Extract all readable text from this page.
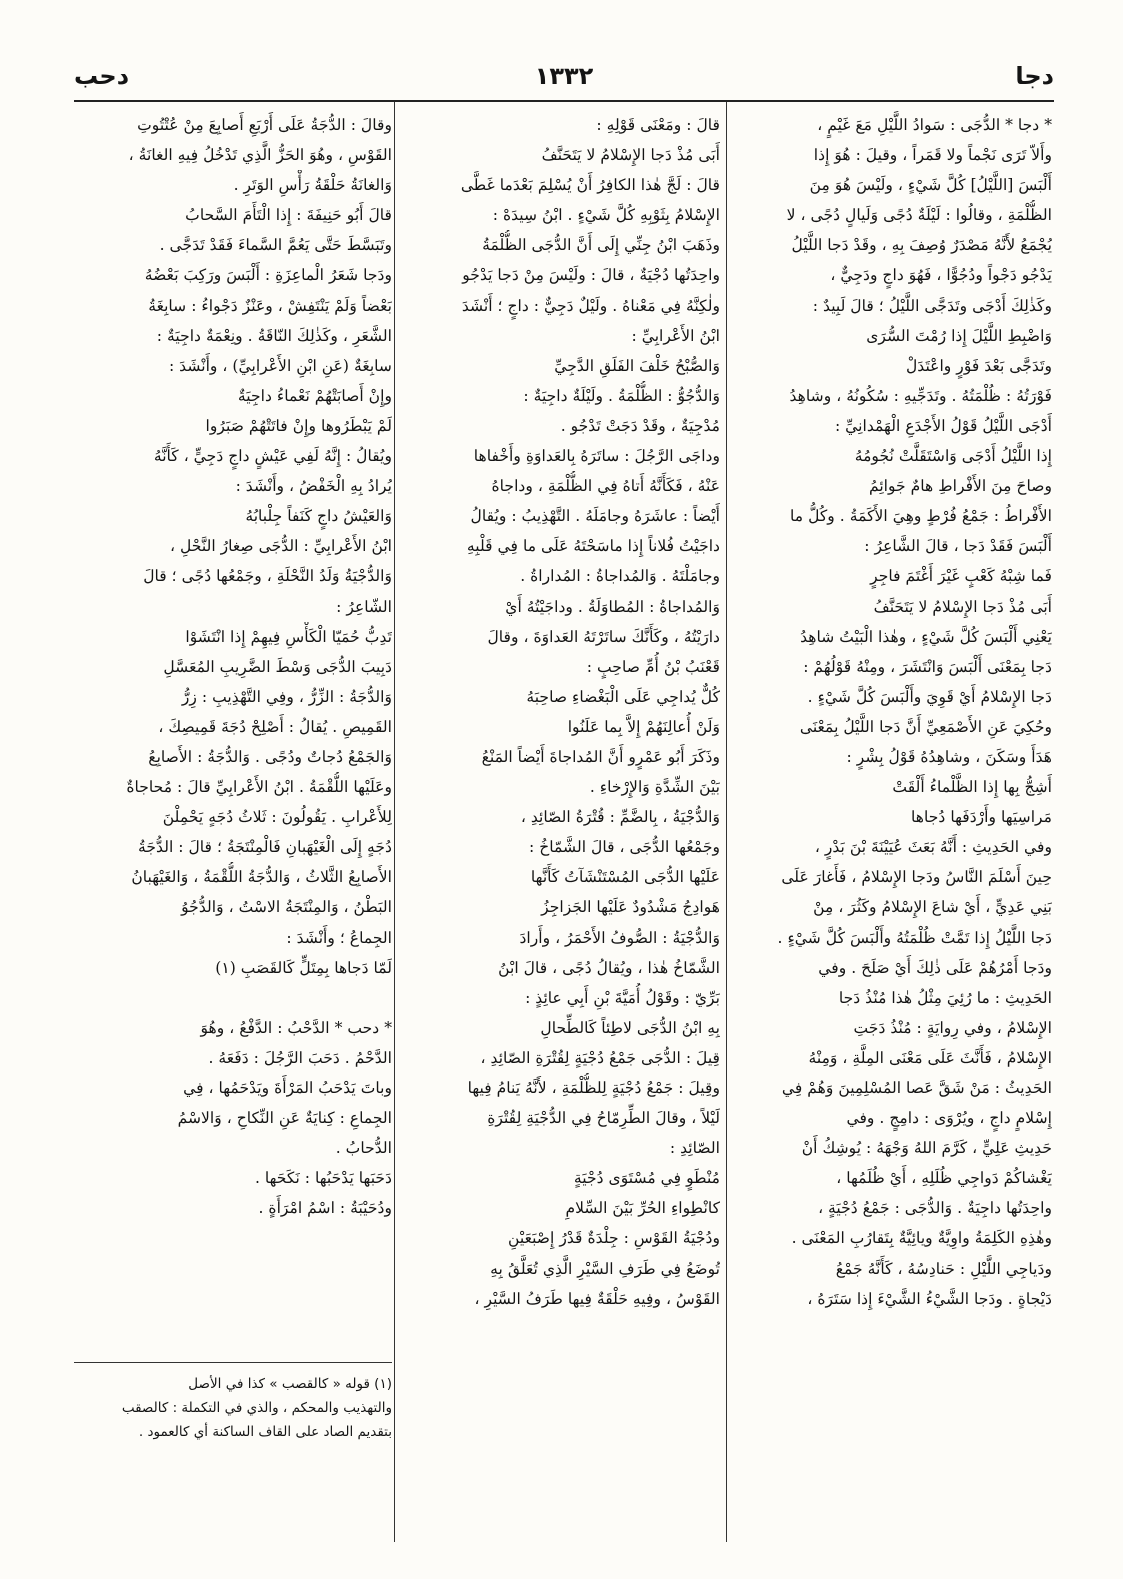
دحب	١٣٣٢	دجا
* دجا * الدُّجَى : سَوادُ اللَّيْلِ مَعَ غَيْمٍ ،
وأَلاّ تَرَى نَجْماً ولا قَمَراً ، وقيلَ : هُوَ إِذا
أَلْبَسَ [اللَّيْلُ] كُلَّ شَيْءٍ ، ولَيْسَ هُوَ مِنَ
الظُّلْمَةِ ، وقالُوا : لَيْلَةٌ دُجًى وَلَيالٍ دُجًى ، لا
يُجْمَعُ لأَنَّهُ مَصْدَرٌ وُصِفَ بِهِ ، وقَدْ دَجا اللَّيْلُ
يَدْجُو دَجْواً ودُجُوًّا ، فَهُوَ داجٍ ودَجِيٌّ ،
وكَذٰلِكَ أَدْجَى وتَدَجَّى اللَّيْلُ ؛ قالَ لَبِيدٌ :
وَاضْبِطِ اللَّيْلَ إِذا رُمْتَ السُّرَى
وتَدَجَّى بَعْدَ فَوْرٍ واعْتَدَلْ
فَوْرَتُهُ : ظُلْمَتُهُ . وتَدَجِّيهِ : سُكُونُهُ ، وشاهِدُ
أَدْجَى اللَّيْلُ قَوْلُ الأَجْدَعِ الْهَمْدانِيِّ :
إِذا اللَّيْلُ أَدْجَى وَاسْتَقَلَّتْ نُجُومُهُ
وصاحَ مِنَ الأَفْراطِ هامٌ جَوائِمُ
الأَفْراطُ : جَمْعُ فُرْطٍ وهِيَ الأَكَمَةُ . وكُلُّ ما
أَلْبَسَ فَقَدْ دَجا ، قالَ الشَّاعِرُ :
فَما شِبْهُ كَعْبٍ غَيْرَ أَغْتَمَ فاجِرٍ
أَبَى مُذْ دَجا الإِسْلامُ لا يَتَحَنَّفُ
يَعْنِي أَلْبَسَ كُلَّ شَيْءٍ ، وهٰذا الْبَيْتُ شاهِدُ
دَجا بِمَعْنَى أَلْبَسَ وَانْتَشَرَ ، ومِنْهُ قَوْلُهُمْ :
دَجا الإِسْلامُ أَيْ قَوِيَ وأَلْبَسَ كُلَّ شَيْءٍ .
وحُكِيَ عَنِ الأَصْمَعِيِّ أَنَّ دَجا اللَّيْلُ بِمَعْنَى
هَدَأَ وسَكَنَ ، وشاهِدُهُ قَوْلُ بِشْرٍ :
أَشِجُّ بِها إِذا الظَّلْماءُ أَلْقَتْ
مَراسِيَها وأَرْدَفَها دُجاها
وفي الحَدِيثِ : أَنَّهُ بَعَثَ عُيَيْنَةَ بْنَ بَدْرٍ ،
حِينَ أَسْلَمَ النَّاسُ ودَجا الإِسْلامُ ، فَأَغارَ عَلَى
بَنِي عَدِيٍّ ، أَيْ شاعَ الإِسْلامُ وكَثُرَ ، مِنْ
دَجا اللَّيْلُ إِذا تَمَّتْ ظُلْمَتُهُ وأَلْبَسَ كُلَّ شَيْءٍ .
ودَجا أَمْرُهُمْ عَلَى ذٰلِكَ أَيْ صَلَحَ . وفي
الحَدِيثِ : ما رُئِيَ مِثْلُ هٰذا مُنْذُ دَجا
الإِسْلامُ ، وفي رِوايَةٍ : مُنْذُ دَجَتِ
الإِسْلامُ ، فَأَنَّثَ عَلَى مَعْنَى المِلَّةِ ، وَمِنْهُ
الحَدِيثُ : مَنْ شَقَّ عَصا المُسْلِمِينَ وَهُمْ فِي
إِسْلامٍ داجٍ ، ويُرْوَى : دامِجٍ . وفي
حَدِيثِ عَلِيٍّ ، كَرَّمَ اللهُ وَجْهَهُ : يُوشِكُ أَنْ
يَغْشاكُمْ دَواجِي ظُلَلِهِ ، أَيْ ظُلَمُها ،
واحِدَتُها داجِيَةٌ . وَالدُّجَى : جَمْعُ دُجْيَةٍ ،
وهٰذِهِ الكَلِمَةُ واوِيَّةٌ ويائِيَّةٌ بِتَقارُبِ المَعْنَى .
ودَياجِي اللَّيْلِ : حَنادِسُهُ ، كَأَنَّهُ جَمْعُ
دَيْجاةٍ . ودَجا الشَّيْءُ الشَّيْءَ إِذا سَتَرَهُ ،
قالَ : ومَعْنَى قَوْلِهِ :
أَبَى مُذْ دَجا الإِسْلامُ لا يَتَحَنَّفُ
قالَ : لَجَّ هٰذا الكافِرُ أَنْ يُسْلِمَ بَعْدَما غَطَّى
الإِسْلامُ بِثَوْبِهِ كُلَّ شَيْءٍ . ابْنُ سِيدَهْ :
وذَهَبَ ابْنُ جِنِّي إِلَى أَنَّ الدُّجَى الظُّلْمَةُ
واحِدَتُها دُجْيَةٌ ، قالَ : ولَيْسَ مِنْ دَجا يَدْجُو
ولٰكِنَّهُ فِي مَعْناهُ . ولَيْلٌ دَجِيٌّ : داجٍ ؛ أَنْشَدَ
ابْنُ الأَعْرابِيِّ :
وَالصُّبْحُ خَلْفَ الفَلَقِ الدَّجِيِّ
وَالدُّجُوُّ : الظُّلْمَةُ . ولَيْلَةٌ داجِيَةٌ :
مُدْجِيَةٌ ، وقَدْ دَجَتْ تَدْجُو .
وداجَى الرَّجُلَ : ساتَرَهُ بِالعَداوَةِ وأَخْفاها
عَنْهُ ، فَكَأَنَّهُ أَتاهُ فِي الظُّلْمَةِ ، وداجاهُ
أَيْضاً : عاشَرَهُ وجامَلَهُ . التَّهْذِيبُ : ويُقالُ
داجَيْتُ فُلاناً إِذا ماسَحْتَهُ عَلَى ما فِي قَلْبِهِ
وجامَلْتَهُ . وَالمُداجاةُ : المُداراةُ .
وَالمُداجاةُ : المُطاوَلَةُ . وداجَيْتُهُ أَيْ
دارَيْتُهُ ، وكَأَنَّكَ ساتَرْتَهُ العَداوَةَ ، وقالَ
قَعْنَبُ بْنُ أُمِّ صاحِبٍ :
كُلٌّ يُداجِي عَلَى الْبَغْضاءِ صاحِبَهُ
وَلَنْ أُعالِنَهُمْ إِلاَّ بِما عَلَنُوا
وذَكَرَ أَبُو عَمْرٍو أَنَّ المُداجاةَ أَيْضاً المَنْعُ
بَيْنَ الشِّدَّةِ وَالإِرْخاءِ .
وَالدُّجْيَةُ ، بِالضَّمِّ : قُتْرَةُ الصّائِدِ ،
وجَمْعُها الدُّجَى ، قالَ الشَّمّاخُ :
عَلَيْها الدُّجَى المُسْتَنْشَآتُ كَأَنَّها
هَوادِجُ مَشْدُودٌ عَلَيْها الجَزاجِزُ
وَالدُّجْيَةُ : الصُّوفُ الأَحْمَرُ ، وأَرادَ
الشَّمّاخُ هٰذا ، ويُقالُ دُجًى ، قالَ ابْنُ
بَرِّيّ : وقَوْلُ أُمَيَّةَ بْنِ أَبِي عائِذٍ :
بِهِ ابْنُ الدُّجَى لاطِئاً كَالطِّحالِ
قِيلَ : الدُّجَى جَمْعُ دُجْيَةٍ لِقُتْرَةِ الصّائِدِ ،
وقِيلَ : جَمْعُ دُجْيَةٍ لِلظُّلْمَةِ ، لأَنَّهُ يَنامُ فِيها
لَيْلاً ، وقالَ الطِّرِمّاحُ فِي الدُّجْيَةِ لِقُتْرَةِ
الصّائِدِ :
مُنْطَوٍ فِي مُسْتَوَى دُجْيَةٍ
كانْطِواءِ الحُرِّ بَيْنَ السِّلامِ
ودُجْيَةُ القَوْسِ : جِلْدَةٌ قَدْرُ إِصْبَعَيْنِ
تُوضَعُ فِي طَرَفِ السَّيْرِ الَّذِي تُعَلَّقُ بِهِ
القَوْسُ ، وفِيهِ حَلْقَةٌ فِيها طَرَفُ السَّيْرِ ،
وقالَ : الدُّجَةُ عَلَى أَرْبَعِ أَصابِعَ مِنْ عُتْتُوتِ
القَوْسِ ، وهُوَ الحَزُّ الَّذِي تَدْخُلُ فِيهِ الغانَةُ ،
وَالغانَةُ حَلْقَةُ رَأْسِ الوَتَرِ .
قالَ أَبُو حَنِيفَةَ : إِذا الْتَأَمَ السَّحابُ
وتَبَسَّطَ حَتَّى يَعُمَّ السَّماءَ فَقَدْ تَدَجَّى .
ودَجا شَعَرُ الْماعِزَةِ : أَلْبَسَ ورَكِبَ بَعْضُهُ
بَعْضاً وَلَمْ يَنْتَفِشْ ، وعَنْزٌ دَجْواءُ : سابِغَةُ
الشَّعَرِ ، وكَذٰلِكَ النّاقَةُ . ونِعْمَةٌ داجِيَةٌ :
سابِغَةٌ (عَنِ ابْنِ الأَعْرابِيِّ) ، وأَنْشَدَ :
وإِنْ أَصابَتْهُمْ نَعْماءُ داجِيَةٌ
لَمْ يَبْطَرُوها وإِنْ فاتَتْهُمْ صَبَرُوا
ويُقالُ : إِنَّهُ لَفِي عَيْشٍ داجٍ دَجِيٍّ ، كَأَنَّهُ
يُرادُ بِهِ الْخَفْضُ ، وأَنْشَدَ :
وَالعَيْشُ داجٍ كَنَفاً جِلْبابُهُ
ابْنُ الأَعْرابِيِّ : الدُّجَى صِغارُ النَّحْلِ ،
وَالدُّجْيَةُ وَلَدُ النَّحْلَةِ ، وجَمْعُها دُجًى ؛ قالَ
الشّاعِرُ :
تَدِبُّ حُمَيّا الْكَأْسِ فِيهِمْ إِذا انْتَشَوْا
دَبِيبَ الدُّجَى وَسْطَ الضَّرِيبِ المُعَسَّلِ
وَالدُّجَةُ : الزِّرُّ ، وفِي التَّهْذِيبِ : زِرُّ
القَمِيصِ . يُقالُ : أَصْلِحْ دُجَةَ قَمِيصِكَ ،
وَالجَمْعُ دُجاتٌ ودُجًى . وَالدُّجَةُ : الأَصابِعُ
وعَلَيْها اللُّقْمَةُ . ابْنُ الأَعْرابِيِّ قالَ : مُحاجاةٌ
لِلأَعْرابِ . يَقُولُونَ : ثَلاثُ دُجَهٍ يَحْمِلْنَ
دُجَهٍ إِلَى الْغَيْهَبانِ فَالْمِنْتَجَةُ ؛ قالَ : الدُّجَةُ
الأَصابِعُ الثَّلاثُ ، وَالدُّجَةُ اللُّقْمَةُ ، وَالغَيْهَبانُ
البَطْنُ ، وَالمِنْتَجَةُ الاسْتُ ، وَالدُّجُوُ
الجِماعُ ؛ وأَنْشَدَ :
لَمّا دَجاها بِمِتَلٍّ كَالقَصَبِ (١)

* دحب * الدَّحْبُ : الدَّفْعُ ، وهُوَ
الدَّحْمُ . دَحَبَ الرَّجُلَ : دَفَعَهُ .
وباتَ يَدْحَبُ المَرْأَةَ ويَدْحَمُها ، فِي
الجِماعِ : كِنايَةٌ عَنِ النِّكاحِ ، وَالاسْمُ
الدُّحابُ .
دَحَبَها يَدْحَبُها : نَكَحَها .
ودُحَيْبَةُ : اسْمُ امْرَأَةٍ .
(١) قوله « كالقصب » كذا في الأصل
والتهذيب والمحكم ، والذي في التكملة : كالصقب
بتقديم الصاد على القاف الساكنة أي كالعمود .
